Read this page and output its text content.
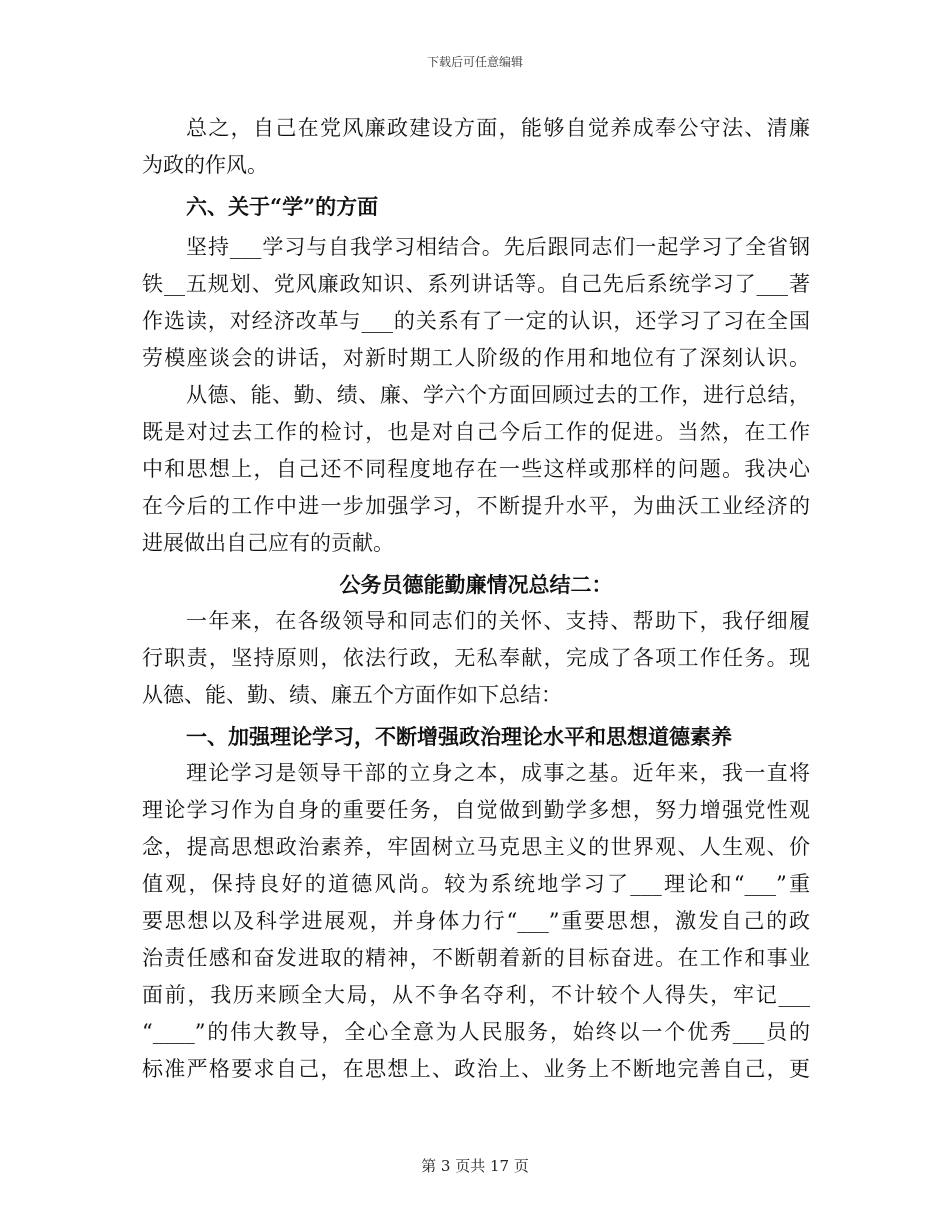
下载后可任意编辑
总之，自己在党风廉政建设方面，能够自觉养成奉公守法、清廉
为政的作风。
六、关于“学”的方面
坚持___学习与自我学习相结合。先后跟同志们一起学习了全省钢
铁__五规划、党风廉政知识、系列讲话等。自己先后系统学习了___著
作选读，对经济改革与___的关系有了一定的认识，还学习了习在全国
劳模座谈会的讲话，对新时期工人阶级的作用和地位有了深刻认识。
从德、能、勤、绩、廉、学六个方面回顾过去的工作，进行总结，
既是对过去工作的检讨，也是对自己今后工作的促进。当然，在工作
中和思想上，自己还不同程度地存在一些这样或那样的问题。我决心
在今后的工作中进一步加强学习，不断提升水平，为曲沃工业经济的
进展做出自己应有的贡献。
公务员德能勤廉情况总结二：
一年来，在各级领导和同志们的关怀、支持、帮助下，我仔细履
行职责，坚持原则，依法行政，无私奉献，完成了各项工作任务。现
从德、能、勤、绩、廉五个方面作如下总结：
一、加强理论学习，不断增强政治理论水平和思想道德素养
理论学习是领导干部的立身之本，成事之基。近年来，我一直将
理论学习作为自身的重要任务，自觉做到勤学多想，努力增强党性观
念，提高思想政治素养，牢固树立马克思主义的世界观、人生观、价
值观，保持良好的道德风尚。较为系统地学习了___理论和“___”重
要思想以及科学进展观，并身体力行“___”重要思想，激发自己的政
治责任感和奋发进取的精神，不断朝着新的目标奋进。在工作和事业
面前，我历来顾全大局，从不争名夺利，不计较个人得失，牢记___
“____”的伟大教导，全心全意为人民服务，始终以一个优秀___员的
标准严格要求自己，在思想上、政治上、业务上不断地完善自己，更
第 3 页共 17 页
